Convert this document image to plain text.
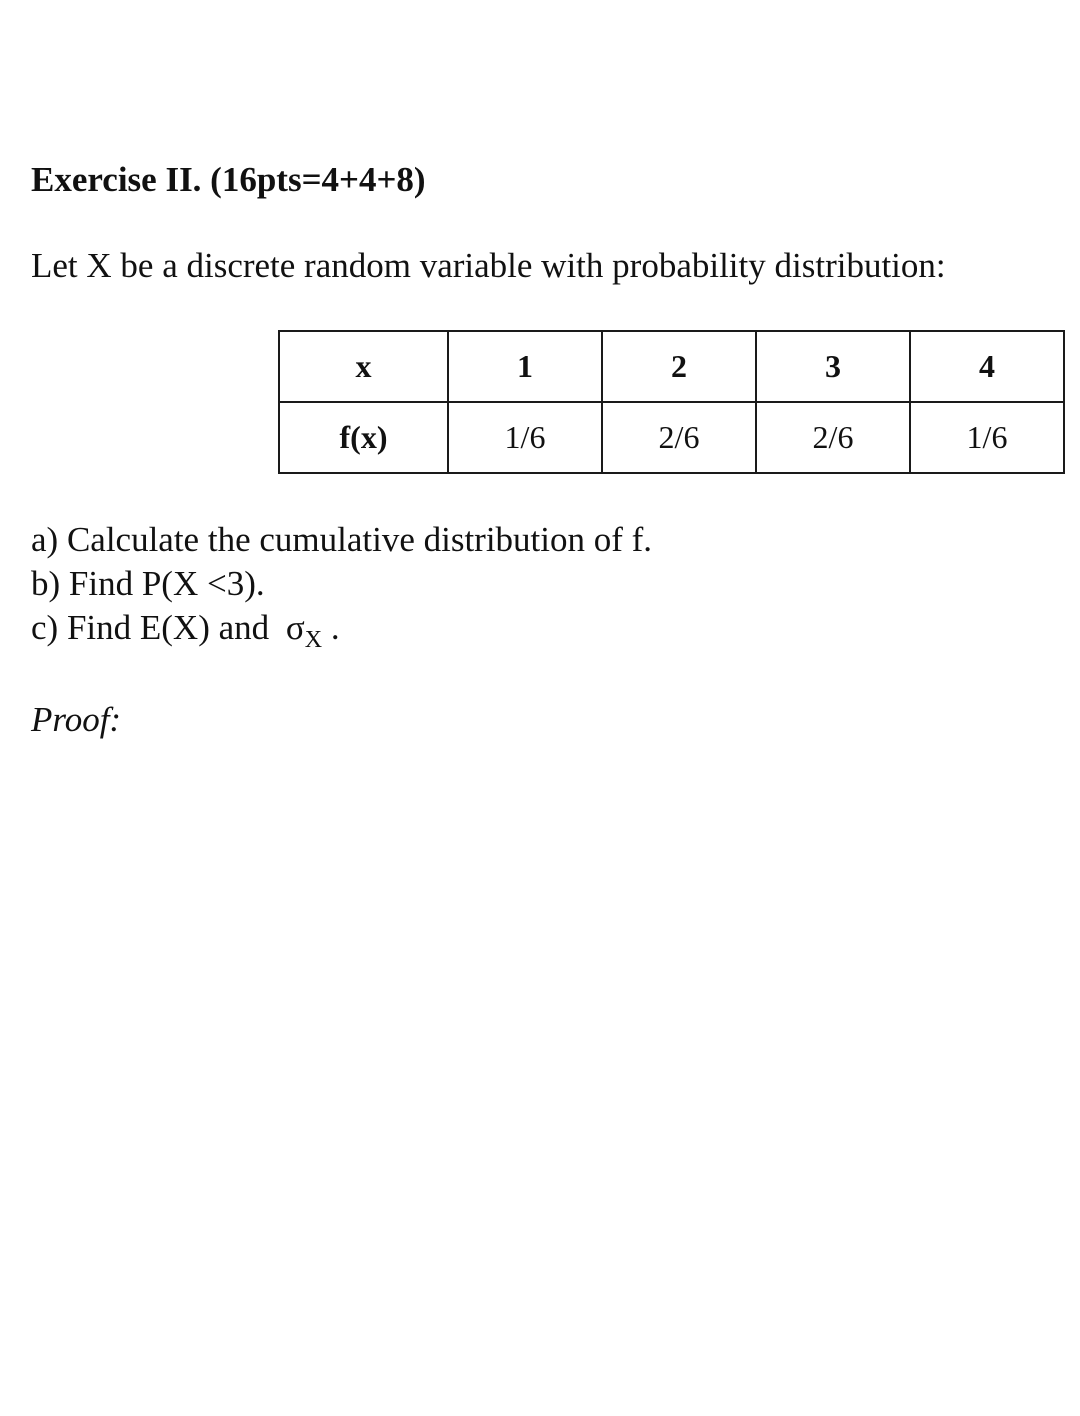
Exercise II. (16pts=4+4+8)
Let X be a discrete random variable with probability distribution:
x	1	2	3	4
f(x)	1/6	2/6	2/6	1/6
a) Calculate the cumulative distribution of f.
b) Find P(X <3).
c) Find E(X) and $\sigma_X$ .
Proof:
